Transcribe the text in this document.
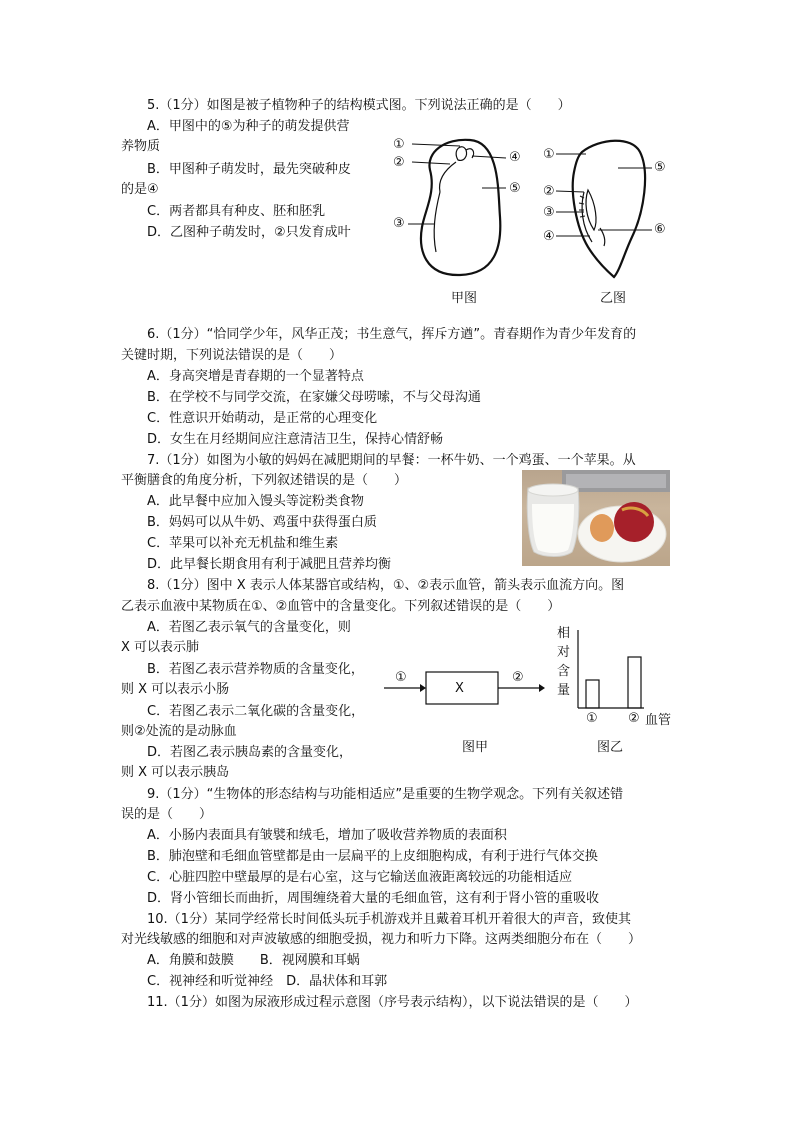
5.（1分）如图是被子植物种子的结构模式图。下列说法正确的是（　　）
A．甲图中的⑤为种子的萌发提供营
养物质
B．甲图种子萌发时，最先突破种皮
的是④
C．两者都具有种皮、胚和胚乳
D．乙图种子萌发时，②只发育成叶
①
②
③
④
⑤
甲图
①
②
③
④
⑤
⑥
乙图
6.（1分）“恰同学少年，风华正茂；书生意气，挥斥方遒”。青春期作为青少年发育的
关键时期，下列说法错误的是（　　）
A．身高突增是青春期的一个显著特点
B．在学校不与同学交流，在家嫌父母唠嗦，不与父母沟通
C．性意识开始萌动，是正常的心理变化
D．女生在月经期间应注意清洁卫生，保持心情舒畅
7.（1分）如图为小敏的妈妈在减肥期间的早餐：一杯牛奶、一个鸡蛋、一个苹果。从
平衡膳食的角度分析，下列叙述错误的是（　　）
A．此早餐中应加入馒头等淀粉类食物
B．妈妈可以从牛奶、鸡蛋中获得蛋白质
C．苹果可以补充无机盐和维生素
D．此早餐长期食用有利于减肥且营养均衡
8.（1分）图中 X 表示人体某器官或结构，①、②表示血管，箭头表示血流方向。图
乙表示血液中某物质在①、②血管中的含量变化。下列叙述错误的是（　　）
A．若图乙表示氧气的含量变化，则
X 可以表示肺
B．若图乙表示营养物质的含量变化，
则 X 可以表示小肠
C．若图乙表示二氧化碳的含量变化，
则②处流的是动脉血
D．若图乙表示胰岛素的含量变化，
则 X 可以表示胰岛
①
X
②
图甲
相
对
含
量
① ② 血管
图乙
9.（1分）“生物体的形态结构与功能相适应”是重要的生物学观念。下列有关叙述错
误的是（　　）
A．小肠内表面具有皱襞和绒毛，增加了吸收营养物质的表面积
B．肺泡壁和毛细血管壁都是由一层扁平的上皮细胞构成，有利于进行气体交换
C．心脏四腔中壁最厚的是右心室，这与它输送血液距离较远的功能相适应
D．肾小管细长而曲折，周围缠绕着大量的毛细血管，这有利于肾小管的重吸收
10.（1分）某同学经常长时间低头玩手机游戏并且戴着耳机开着很大的声音，致使其
对光线敏感的细胞和对声波敏感的细胞受损，视力和听力下降。这两类细胞分布在（　　）
A．角膜和鼓膜　　B．视网膜和耳蜗
C．视神经和听觉神经　D．晶状体和耳郭
11.（1分）如图为尿液形成过程示意图（序号表示结构），以下说法错误的是（　　）
